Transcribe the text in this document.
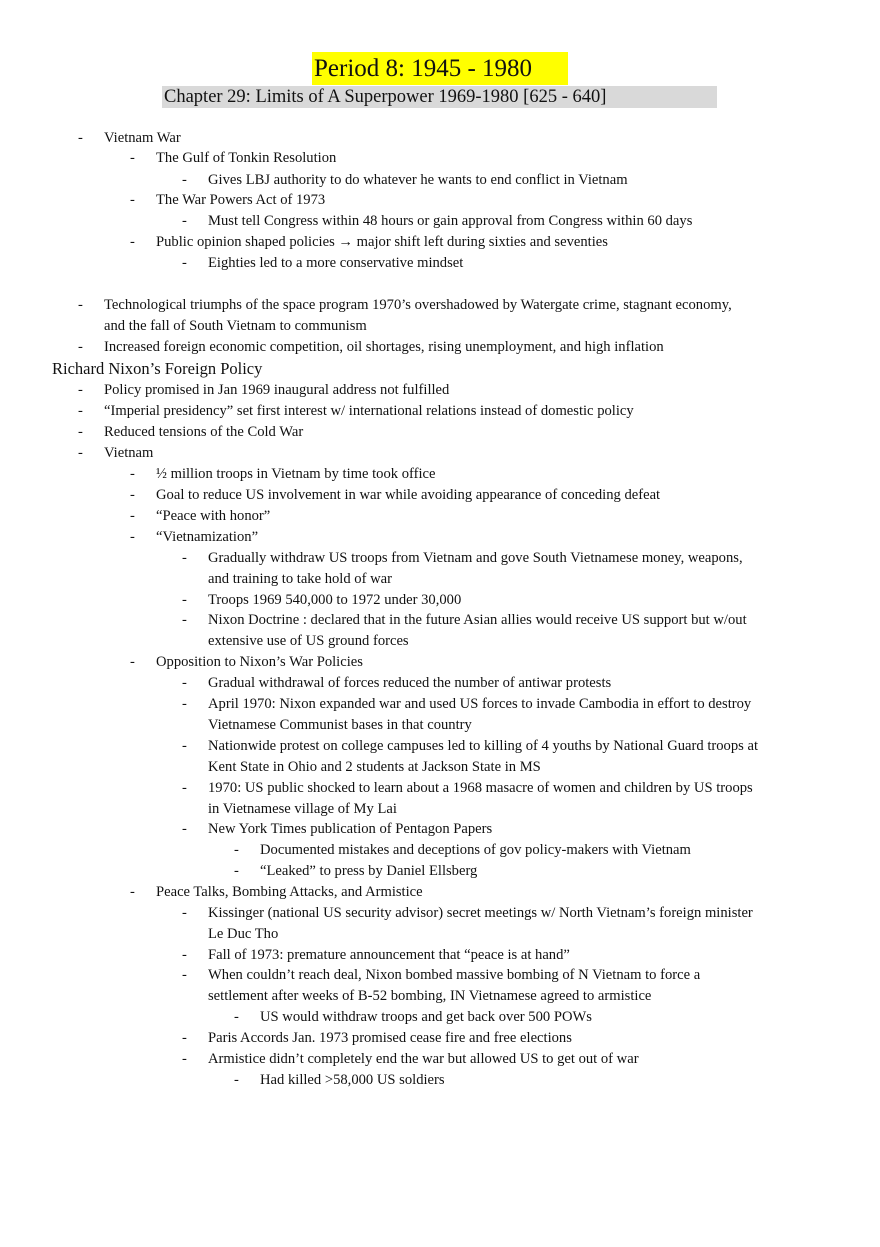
Period 8: 1945 - 1980
Chapter 29: Limits of A Superpower 1969-1980 [625 - 640]
- Vietnam War
- The Gulf of Tonkin Resolution
- Gives LBJ authority to do whatever he wants to end conflict in Vietnam
- The War Powers Act of 1973
- Must tell Congress within 48 hours or gain approval from Congress within 60 days
- Public opinion shaped policies → major shift left during sixties and seventies
- Eighties led to a more conservative mindset
- Technological triumphs of the space program 1970’s overshadowed by Watergate crime, stagnant economy, and the fall of South Vietnam to communism
- Increased foreign economic competition, oil shortages, rising unemployment, and high inflation
Richard Nixon’s Foreign Policy
- Policy promised in Jan 1969 inaugural address not fulfilled
- “Imperial presidency” set first interest w/ international relations instead of domestic policy
- Reduced tensions of the Cold War
- Vietnam
- ½ million troops in Vietnam by time took office
- Goal to reduce US involvement in war while avoiding appearance of conceding defeat
- “Peace with honor”
- “Vietnamization”
- Gradually withdraw US troops from Vietnam and gove South Vietnamese money, weapons, and training to take hold of war
- Troops 1969 540,000 to 1972 under 30,000
- Nixon Doctrine : declared that in the future Asian allies would receive US support but w/out extensive use of US ground forces
- Opposition to Nixon’s War Policies
- Gradual withdrawal of forces reduced the number of antiwar protests
- April 1970: Nixon expanded war and used US forces to invade Cambodia in effort to destroy Vietnamese Communist bases in that country
- Nationwide protest on college campuses led to killing of 4 youths by National Guard troops at Kent State in Ohio and 2 students at Jackson State in MS
- 1970: US public shocked to learn about a 1968 masacre of women and children by US troops in Vietnamese village of My Lai
- New York Times publication of Pentagon Papers
- Documented mistakes and deceptions of gov policy-makers with Vietnam
- “Leaked” to press by Daniel Ellsberg
- Peace Talks, Bombing Attacks, and Armistice
- Kissinger (national US security advisor) secret meetings w/ North Vietnam’s foreign minister Le Duc Tho
- Fall of 1973: premature announcement that “peace is at hand”
- When couldn’t reach deal, Nixon bombed massive bombing of N Vietnam to force a settlement after weeks of B-52 bombing, IN Vietnamese agreed to armistice
- US would withdraw troops and get back over 500 POWs
- Paris Accords Jan. 1973 promised cease fire and free elections
- Armistice didn’t completely end the war but allowed US to get out of war
- Had killed >58,000 US soldiers
